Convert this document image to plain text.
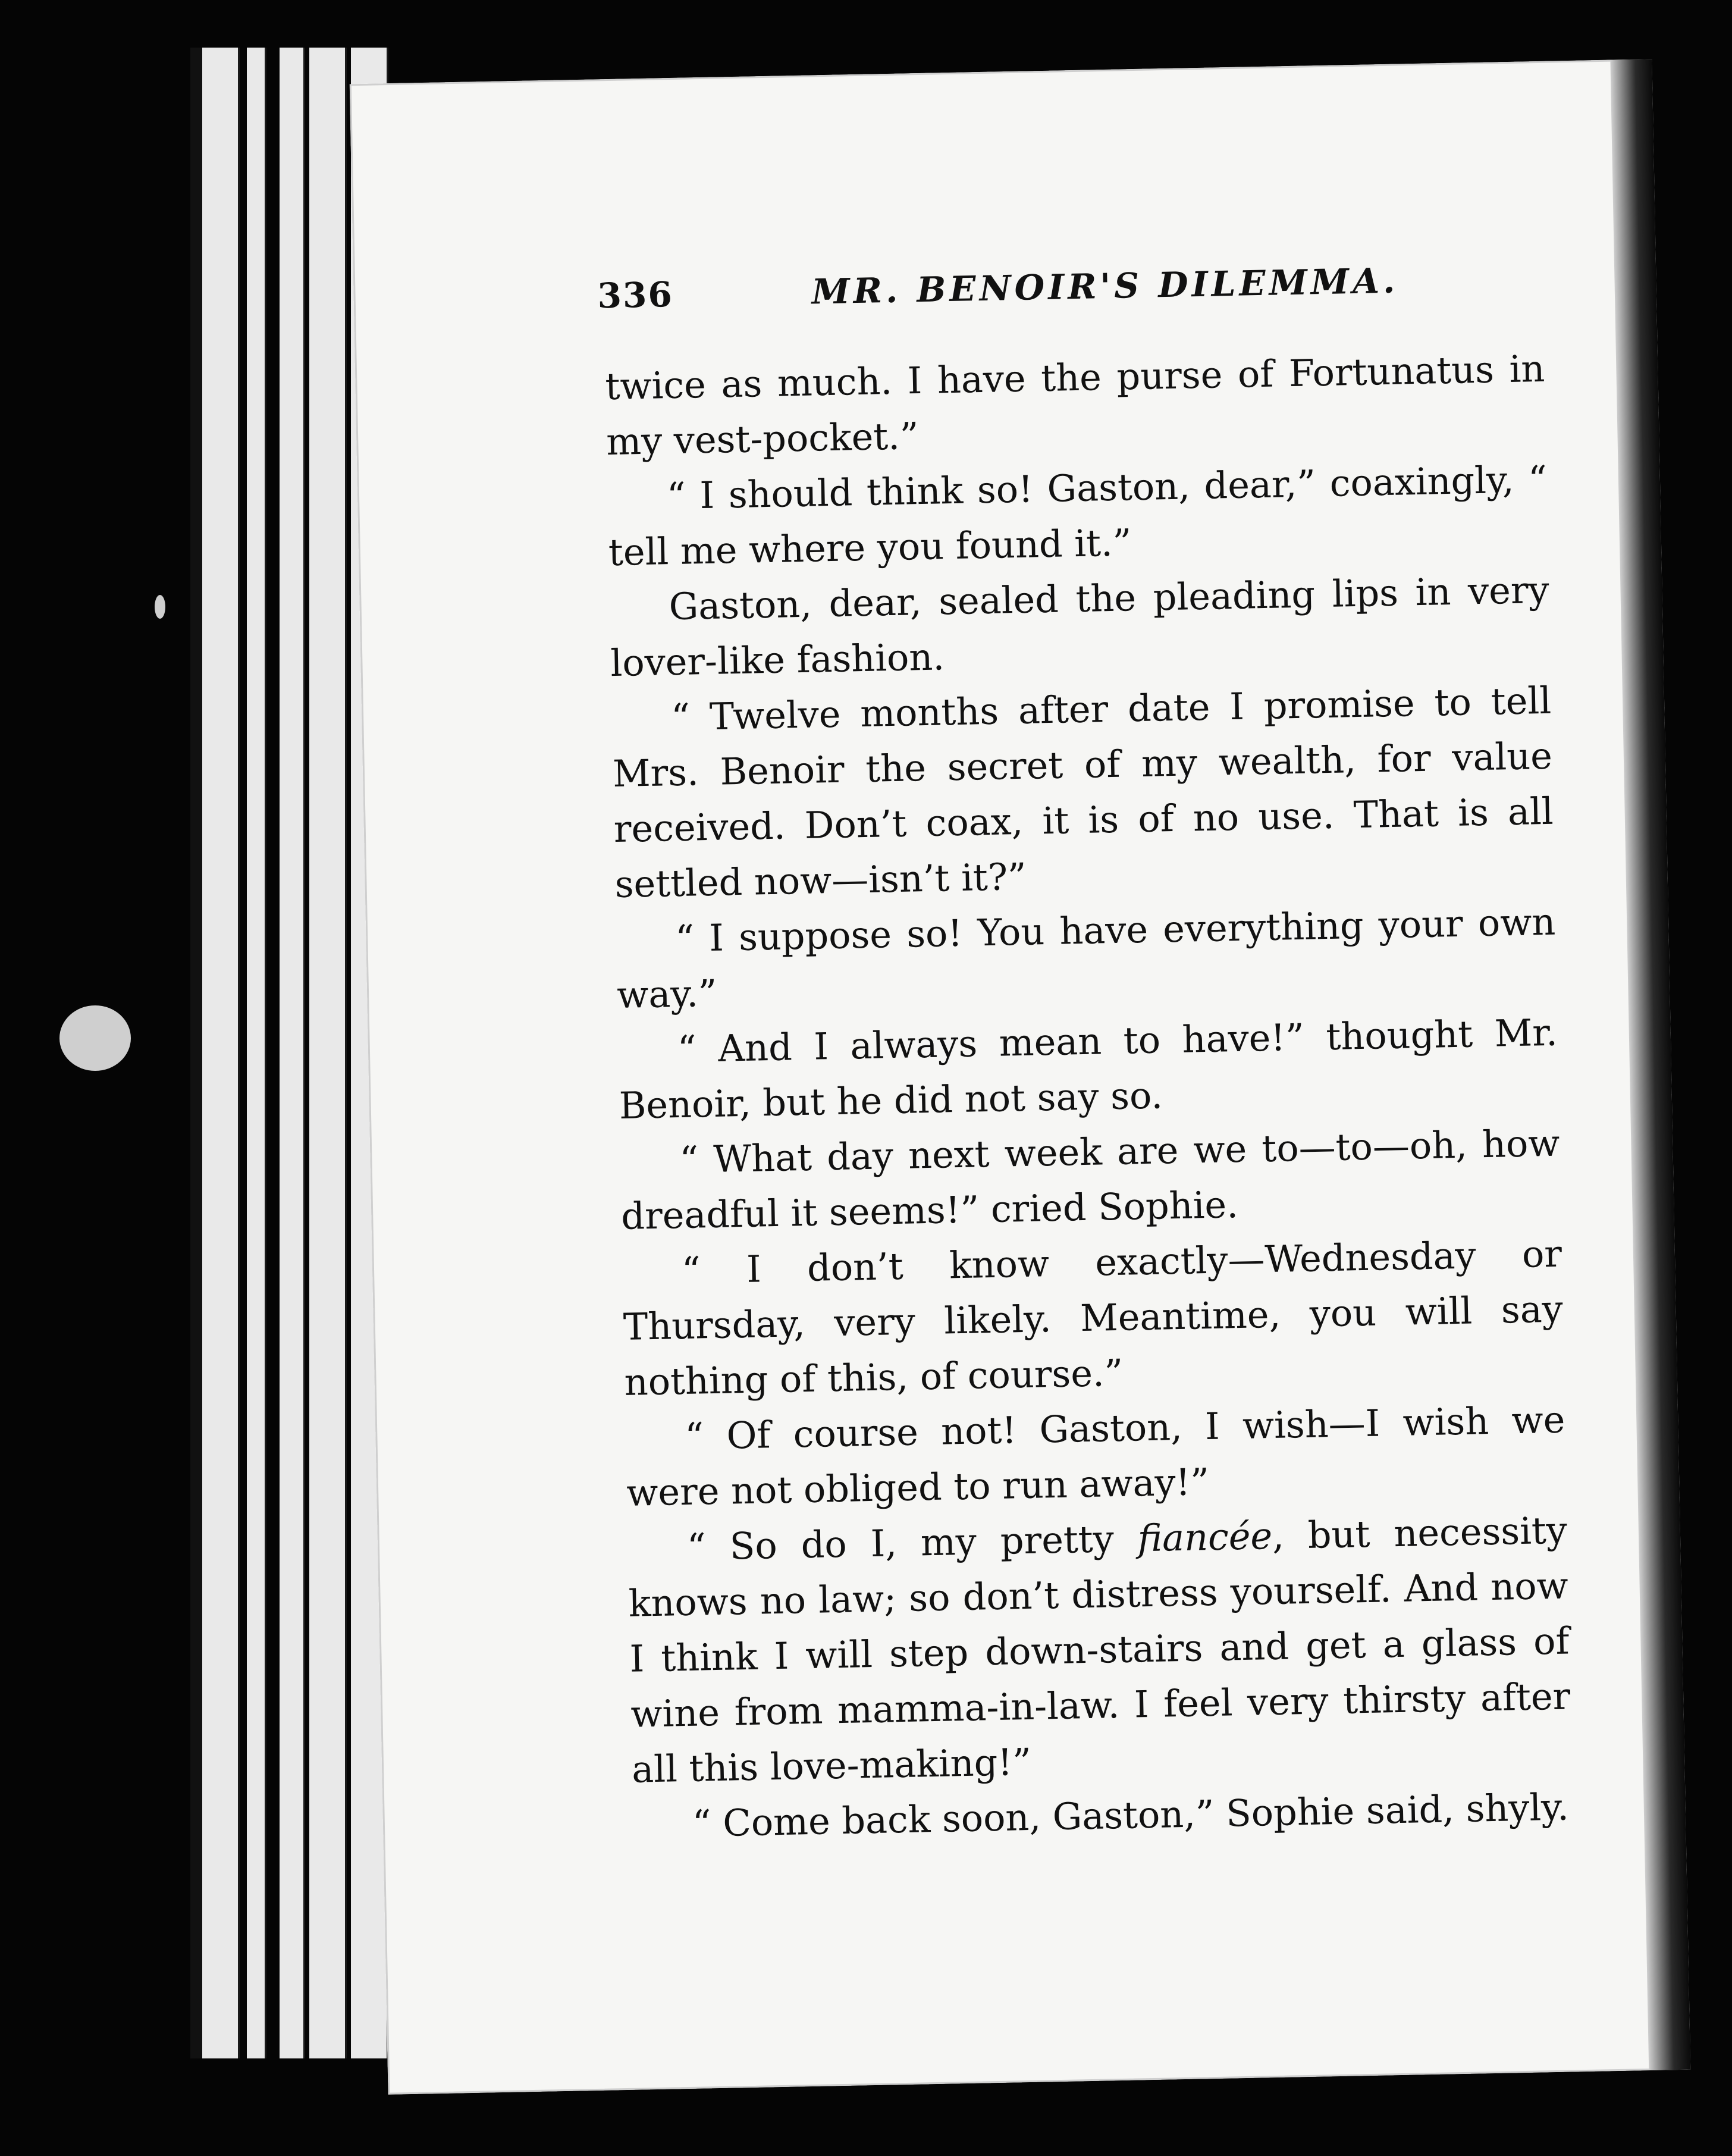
336	MR. BENOIR'S DILEMMA.

twice as much. I have the purse of Fortunatus in my vest-pocket.”

“ I should think so! Gaston, dear,” coaxingly, “ tell me where you found it.”

Gaston, dear, sealed the pleading lips in very lover-like fashion.

“ Twelve months after date I promise to tell Mrs. Benoir the secret of my wealth, for value received. Don’t coax, it is of no use. That is all settled now—isn’t it?”

“ I suppose so! You have everything your own way.”

“ And I always mean to have!” thought Mr. Benoir, but he did not say so.

“ What day next week are we to—to—oh, how dreadful it seems!” cried Sophie.

“ I don’t know exactly—Wednesday or Thursday, very likely. Meantime, you will say nothing of this, of course.”

“ Of course not! Gaston, I wish—I wish we were not obliged to run away!”

“ So do I, my pretty fiancée, but necessity knows no law; so don’t distress yourself. And now I think I will step down-stairs and get a glass of wine from mamma-in-law. I feel very thirsty after all this love-making!”

“ Come back soon, Gaston,” Sophie said, shyly.
